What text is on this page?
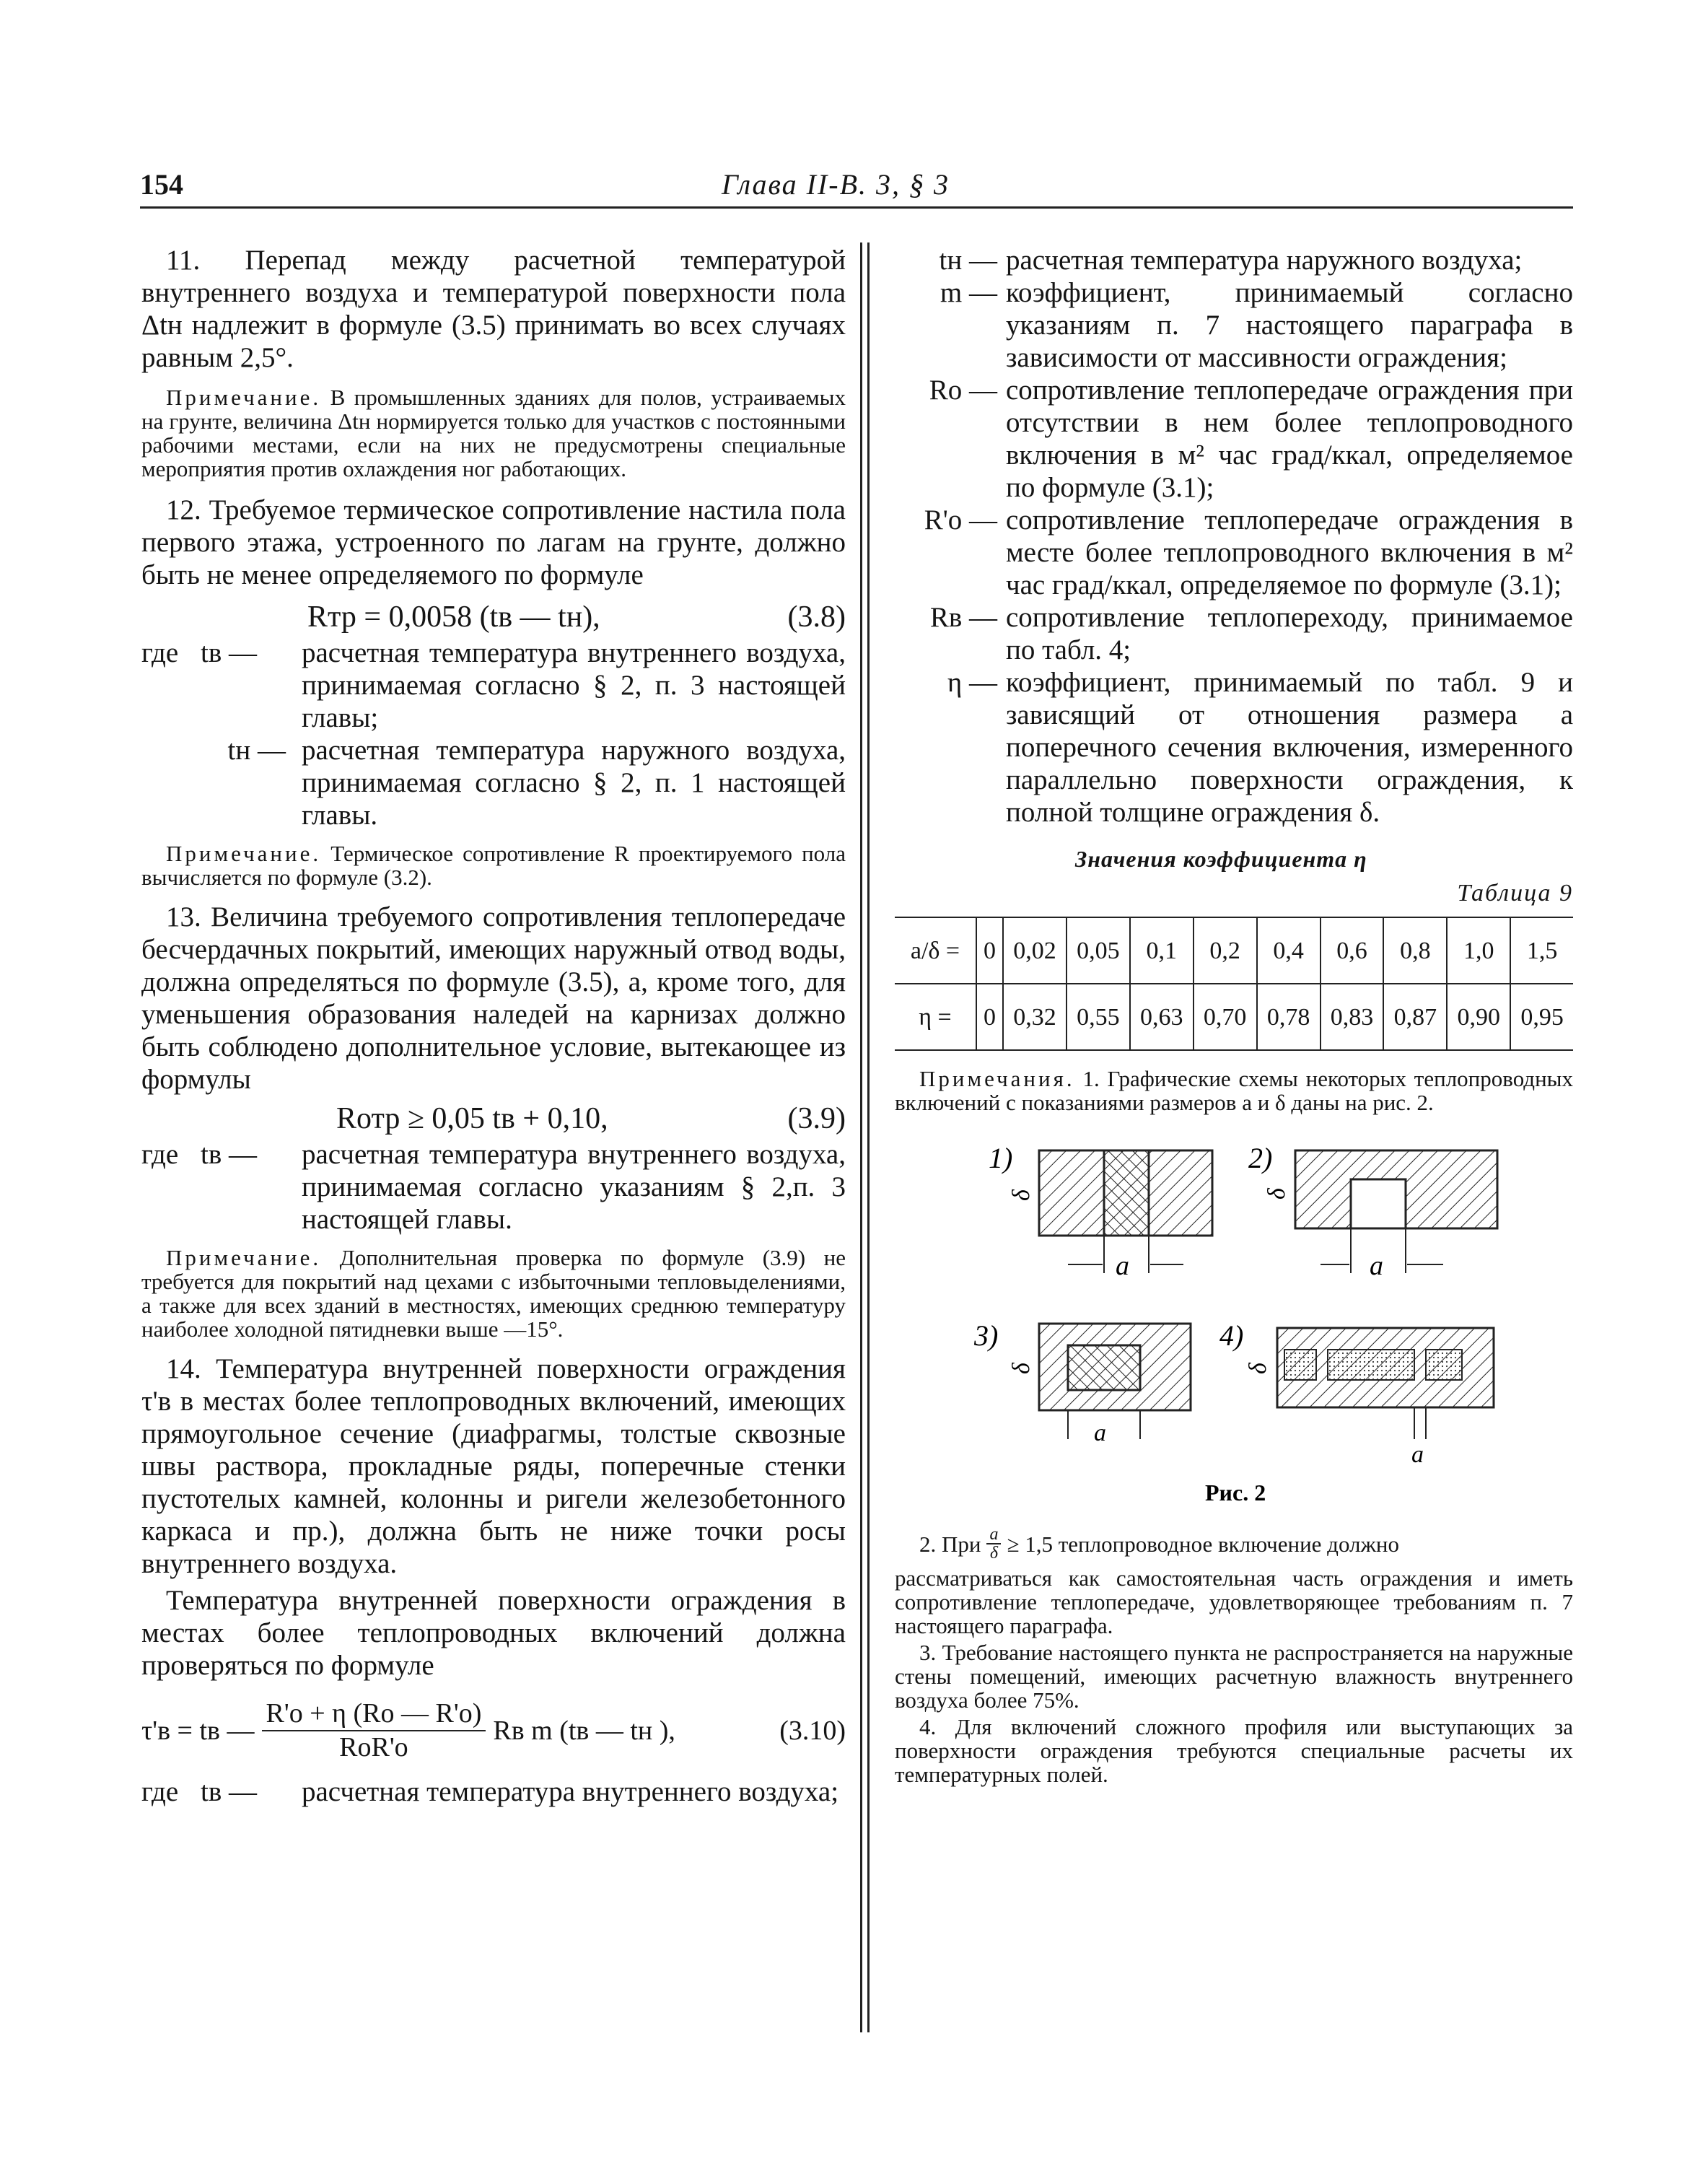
154	Глава II-В. 3, § 3

11. Перепад между расчетной температурой внутреннего воздуха и температурой поверхности пола Δtн надлежит в формуле (3.5) принимать во всех случаях равным 2,5°.

Примечание. В промышленных зданиях для полов, устраиваемых на грунте, величина Δtн нормируется только для участков с постоянными рабочими местами, если на них не предусмотрены специальные мероприятия против охлаждения ног работающих.

12. Требуемое термическое сопротивление настила пола первого этажа, устроенного по лагам на грунте, должно быть не менее определяемого по формуле

Rтр = 0,0058 (tв — tн),	(3.8)
где tв —	расчетная температура внутреннего воздуха, принимаемая согласно § 2, п. 3 настоящей главы;
tн — расчетная температура наружного воздуха, принимаемая согласно § 2, п. 1 настоящей главы.

Примечание. Термическое сопротивление R проектируемого пола вычисляется по формуле (3.2).

13. Величина требуемого сопротивления теплопередаче бесчердачных покрытий, имеющих наружный отвод воды, должна определяться по формуле (3.5), а, кроме того, для уменьшения образования наледей на карнизах должно быть соблюдено дополнительное условие, вытекающее из формулы

Rотр ≥ 0,05 tв + 0,10,	(3.9)
где tв —	расчетная температура внутреннего воздуха, принимаемая согласно указаниям § 2,п. 3 настоящей главы.

Примечание. Дополнительная проверка по формуле (3.9) не требуется для покрытий над цехами с избыточными тепловыделениями, а также для всех зданий в местностях, имеющих среднюю температуру наиболее холодной пятидневки выше —15°.

14. Температура внутренней поверхности ограждения τ'в в местах более теплопроводных включений, имеющих прямоугольное сечение (диафрагмы, толстые сквозные швы раствора, прокладные ряды, поперечные стенки пустотелых камней, колонны и ригели железобетонного каркаса и пр.), должна быть не ниже точки росы внутреннего воздуха.

Температура внутренней поверхности ограждения в местах более теплопроводных включений должна проверяться по формуле

τ'в = tв —
R'о + η (Rо — R'о)
RоR'о
Rв m (tв — tн ),	(3.10)
где tв —	расчетная температура внутреннего воздуха;
tн — расчетная температура наружного воздуха;
m — коэффициент, принимаемый согласно указаниям п. 7 настоящего параграфа в зависимости от массивности ограждения;
Rо — сопротивление теплопередаче ограждения при отсутствии в нем более теплопроводного включения в м² час град/ккал, определяемое по формуле (3.1);
R'о — сопротивление теплопередаче ограждения в месте более теплопроводного включения в м² час град/ккал, определяемое по формуле (3.1);
Rв — сопротивление теплопереходу, принимаемое по табл. 4;
η — коэффициент, принимаемый по табл. 9 и зависящий от отношения размера a поперечного сечения включения, измеренного параллельно поверхности ограждения, к полной толщине ограждения δ.
Значения коэффициента η
Таблица 9
a/δ =	0	0,02	0,05	0,1	0,2	0,4	0,6	0,8	1,0	1,5
η =	0	0,32	0,55	0,63	0,70	0,78	0,83	0,87	0,90	0,95

Примечания. 1. Графические схемы некоторых теплопроводных включений с показаниями размеров a и δ даны на рис. 2.

1)
a
δ
2)
a
δ
3)
a
δ
4)
a
δ
Рис. 2
2. При $\frac{a}{\delta} \ge 1,5$ теплопроводное включение должно

рассматриваться как самостоятельная часть ограждения и иметь сопротивление теплопередаче, удовлетворяющее требованиям п. 7 настоящего параграфа.

3. Требование настоящего пункта не распространяется на наружные стены помещений, имеющих расчетную влажность внутреннего воздуха более 75%.

4. Для включений сложного профиля или выступающих за поверхности ограждения требуются специальные расчеты их температурных полей.
